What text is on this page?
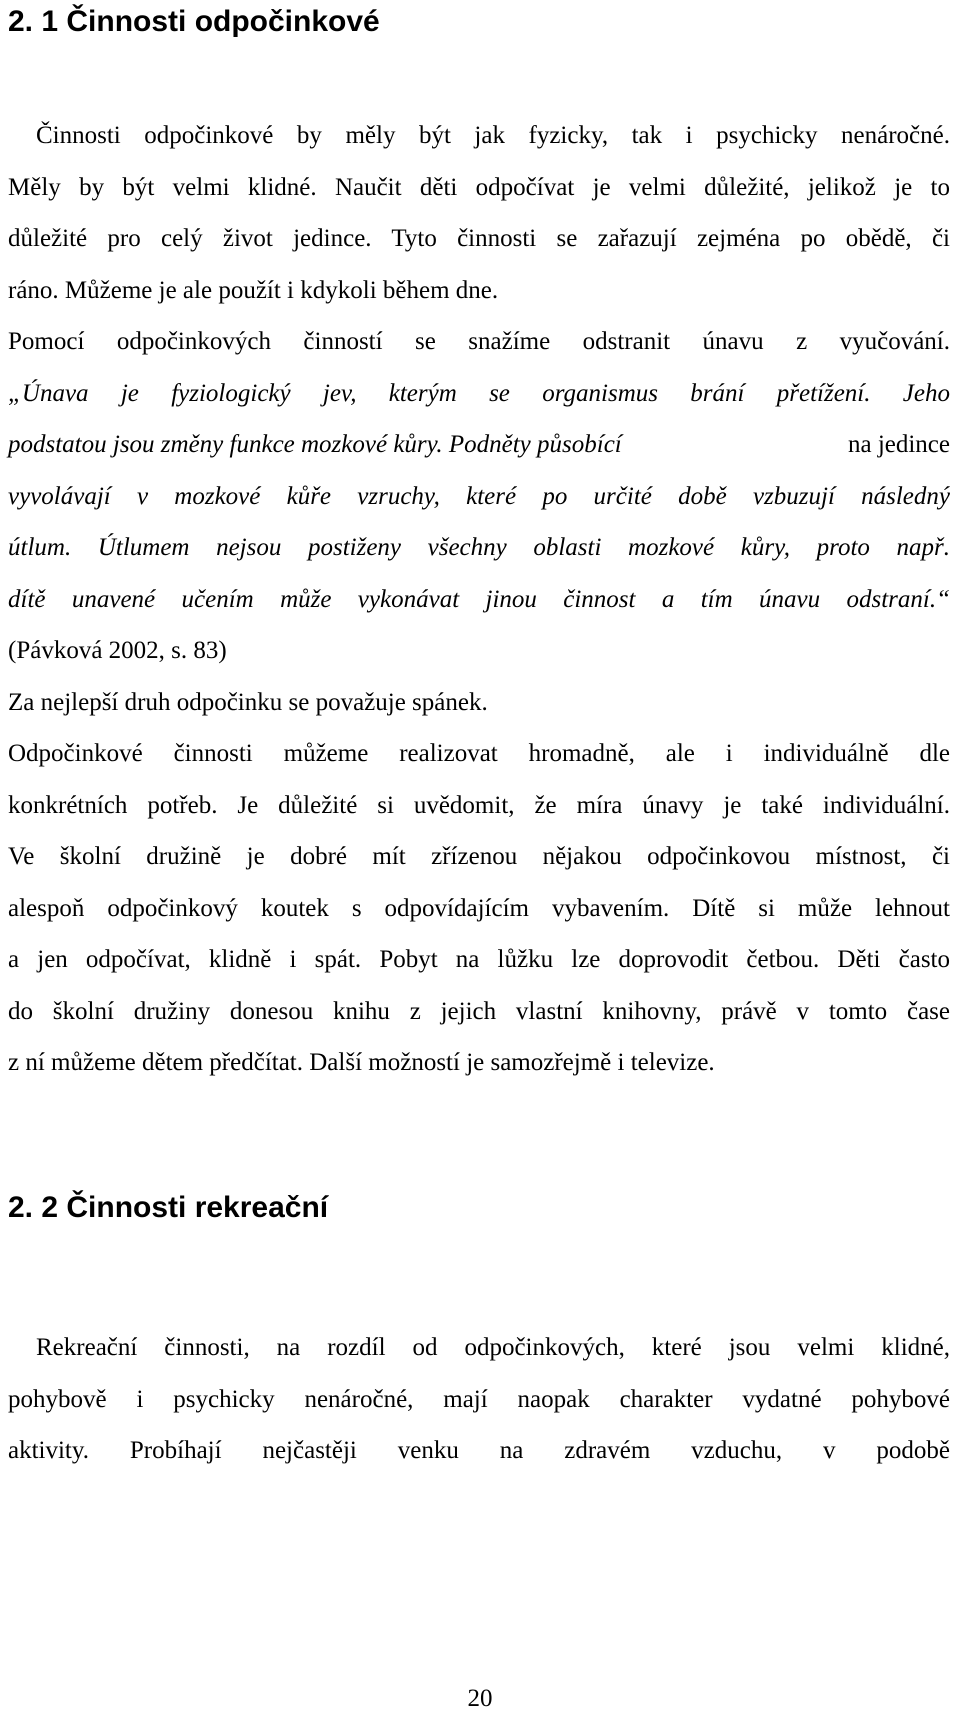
2. 1 Činnosti odpočinkové
Činnosti odpočinkové by měly být jak fyzicky, tak i psychicky nenáročné.
Měly by být velmi klidné. Naučit děti odpočívat je velmi důležité, jelikož je to
důležité pro celý život jedince. Tyto činnosti se zařazují zejména po obědě, či
ráno. Můžeme je ale použít i kdykoli během dne.
Pomocí odpočinkových činností se snažíme odstranit únavu z vyučování.
„Únava je fyziologický jev, kterým se organismus brání přetížení. Jeho
podstatou jsou změny funkce mozkové kůry. Podněty působící	na jedince
vyvolávají v mozkové kůře vzruchy, které po určité době vzbuzují následný
útlum. Útlumem nejsou postiženy všechny oblasti mozkové kůry, proto např.
dítě unavené učením může vykonávat jinou činnost a tím únavu odstraní.“
(Pávková 2002, s. 83)
Za nejlepší druh odpočinku se považuje spánek.
Odpočinkové činnosti můžeme realizovat hromadně, ale i individuálně dle
konkrétních potřeb. Je důležité si uvědomit, že míra únavy je také individuální.
Ve školní družině je dobré mít zřízenou nějakou odpočinkovou místnost, či
alespoň odpočinkový koutek s odpovídajícím vybavením. Dítě si může lehnout
a jen odpočívat, klidně i spát. Pobyt na lůžku lze doprovodit četbou. Děti často
do školní družiny donesou knihu z jejich vlastní knihovny, právě v tomto čase
z ní můžeme dětem předčítat. Další možností je samozřejmě i televize.
2. 2 Činnosti rekreační
Rekreační činnosti, na rozdíl od odpočinkových, které jsou velmi klidné,
pohybově i psychicky nenáročné, mají naopak charakter vydatné pohybové
aktivity. Probíhají nejčastěji venku na zdravém vzduchu, v podobě
20
